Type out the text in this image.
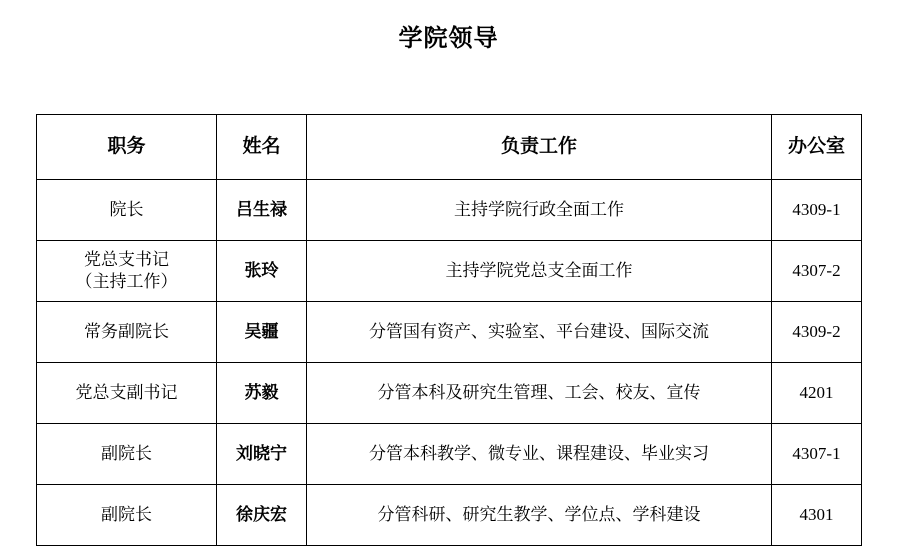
学院领导
职务	姓名	负责工作	办公室

院长	吕生禄	主持学院行政全面工作	4309-1

党总支书记
（主持工作）	张玲	主持学院党总支全面工作	4307-2

常务副院长	吴疆	分管国有资产、实验室、平台建设、国际交流	4309-2

党总支副书记	苏毅	分管本科及研究生管理、工会、校友、宣传	4201

副院长	刘晓宁	分管本科教学、微专业、课程建设、毕业实习	4307-1

副院长	徐庆宏	分管科研、研究生教学、学位点、学科建设	4301
